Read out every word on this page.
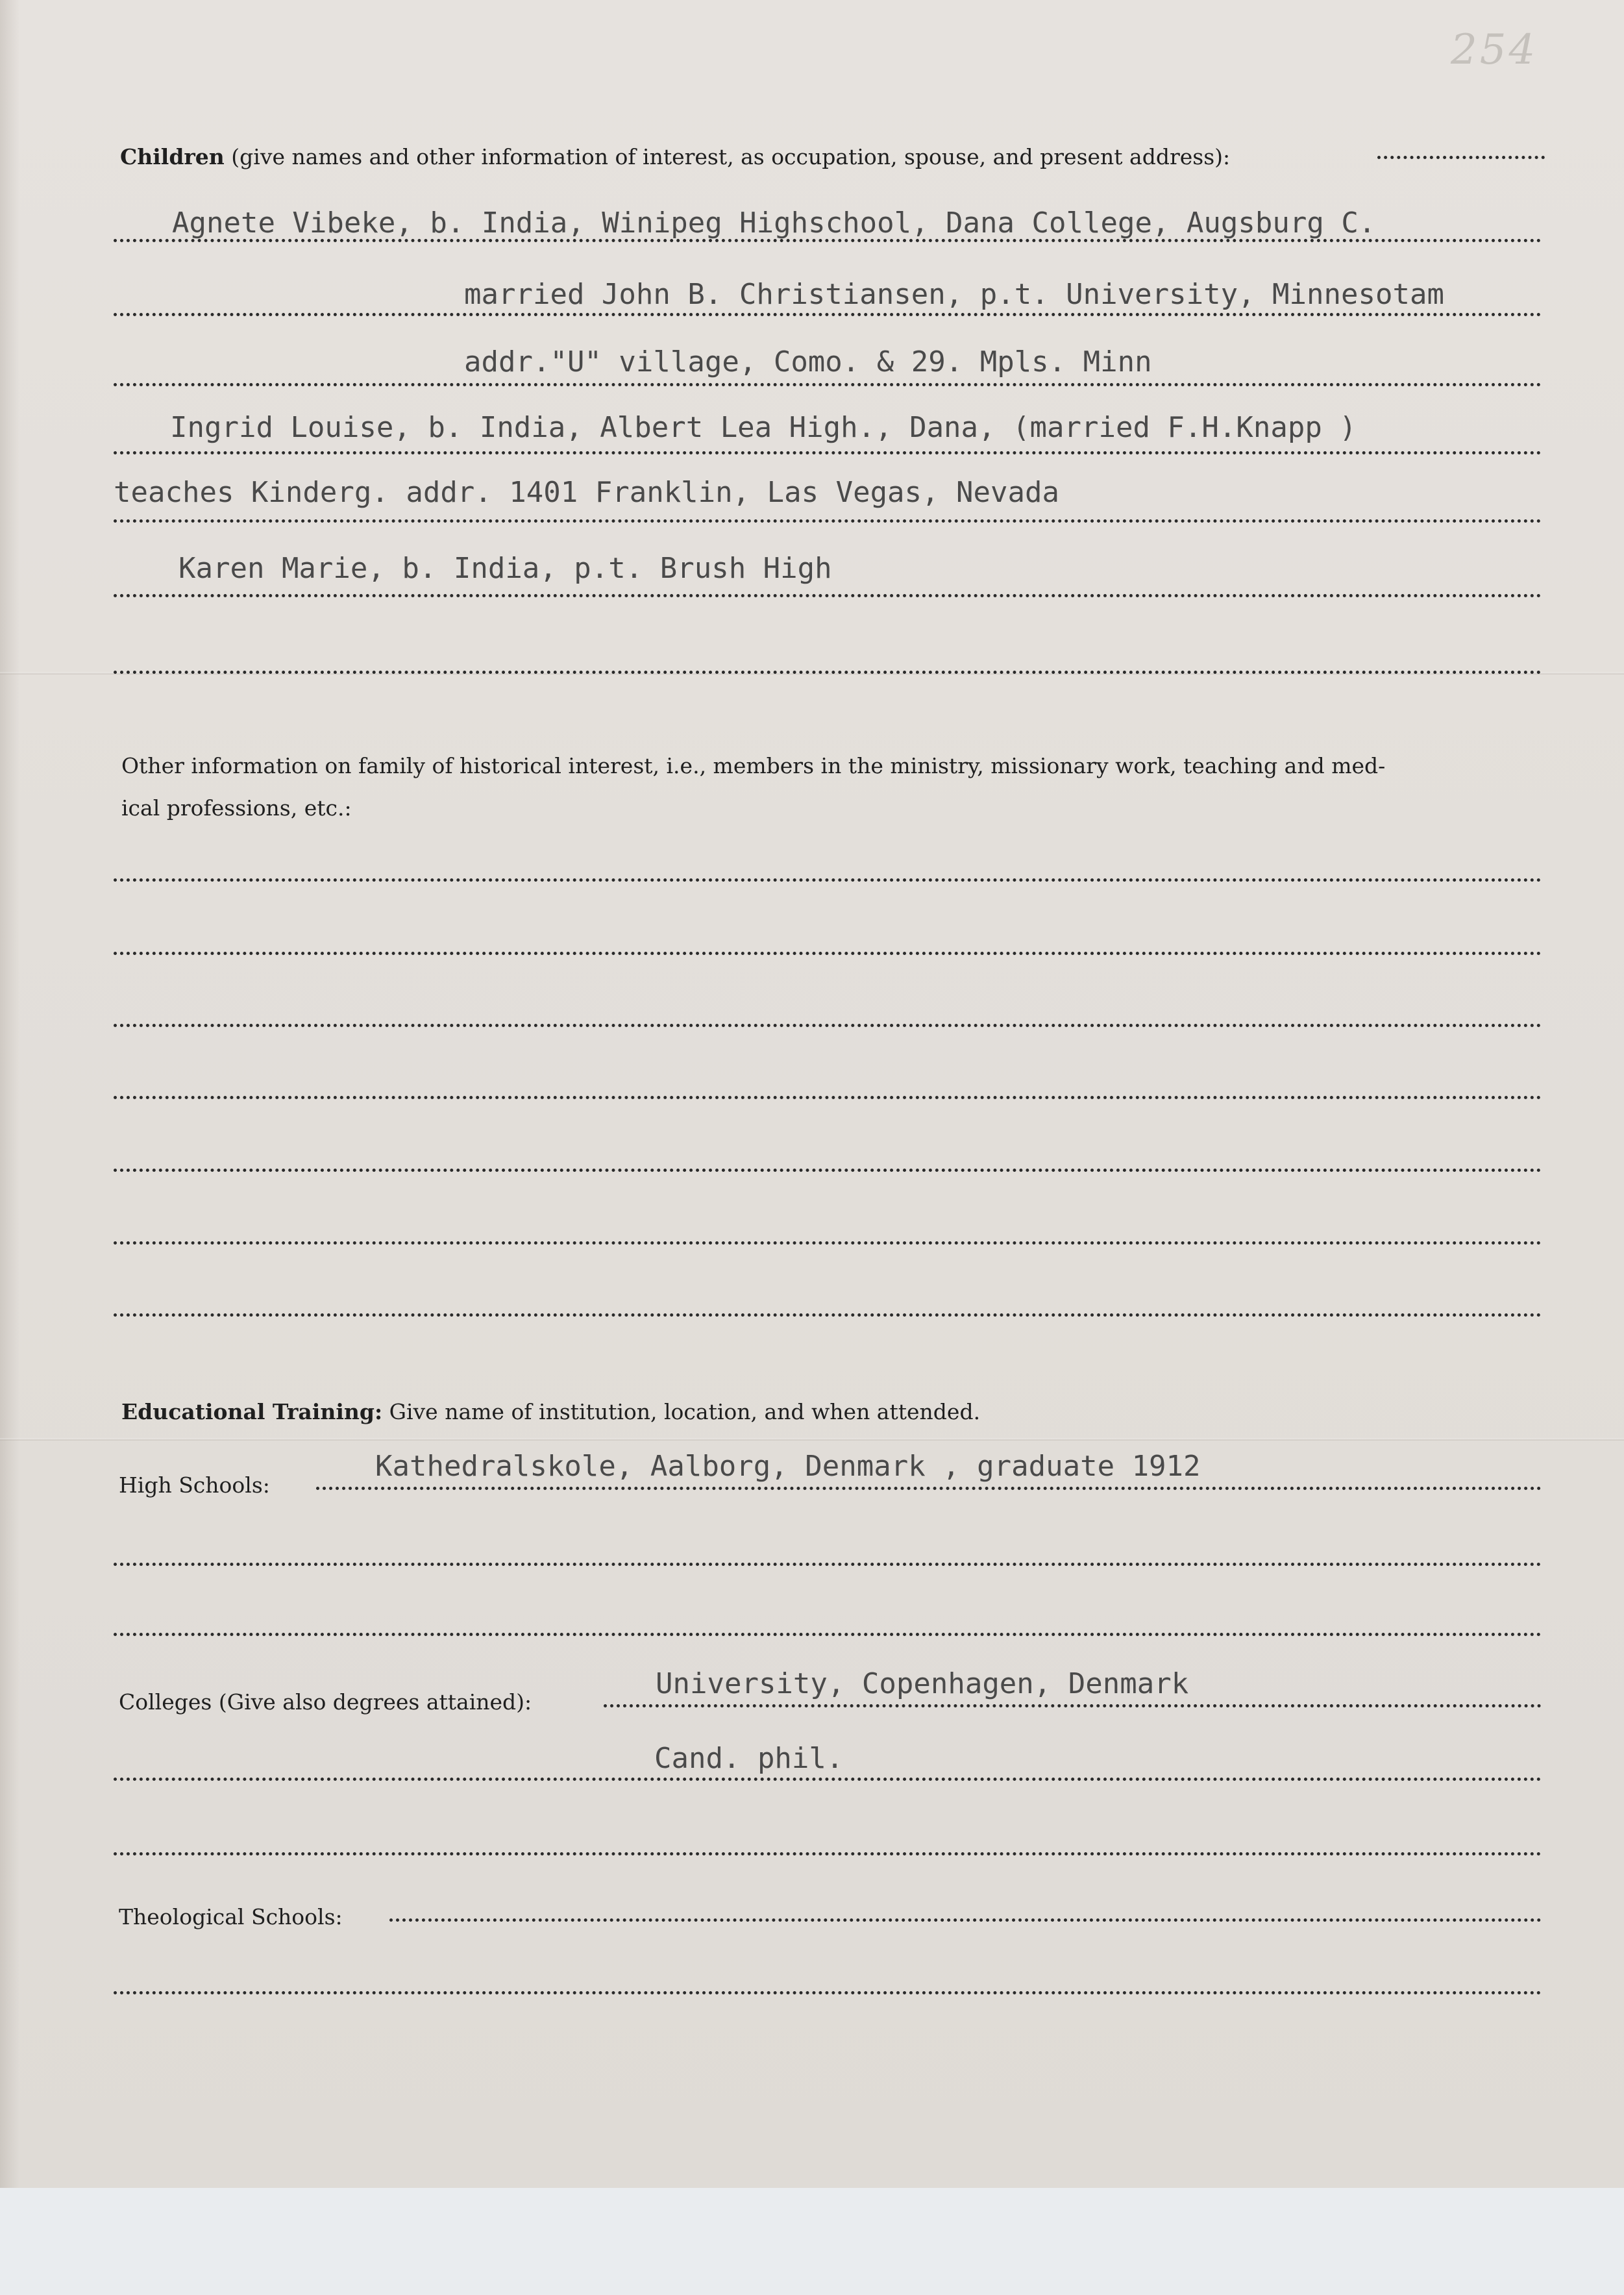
254
Children (give names and other information of interest, as occupation, spouse, and present address):
Agnete Vibeke, b. India, Winipeg Highschool, Dana College, Augsburg C.
married John B. Christiansen, p.t. University, Minnesotam
addr."U" village, Como. & 29. Mpls. Minn
Ingrid Louise, b. India, Albert Lea High., Dana, (married F.H.Knapp )
teaches Kinderg. addr. 1401 Franklin, Las Vegas, Nevada
Karen Marie, b. India, p.t. Brush High
Other information on family of historical interest, i.e., members in the ministry, missionary work, teaching and med-
ical professions, etc.:
Educational Training: Give name of institution, location, and when attended.
High Schools:
Kathedralskole, Aalborg, Denmark , graduate 1912
Colleges (Give also degrees attained):
University, Copenhagen, Denmark
Cand. phil.
Theological Schools:
